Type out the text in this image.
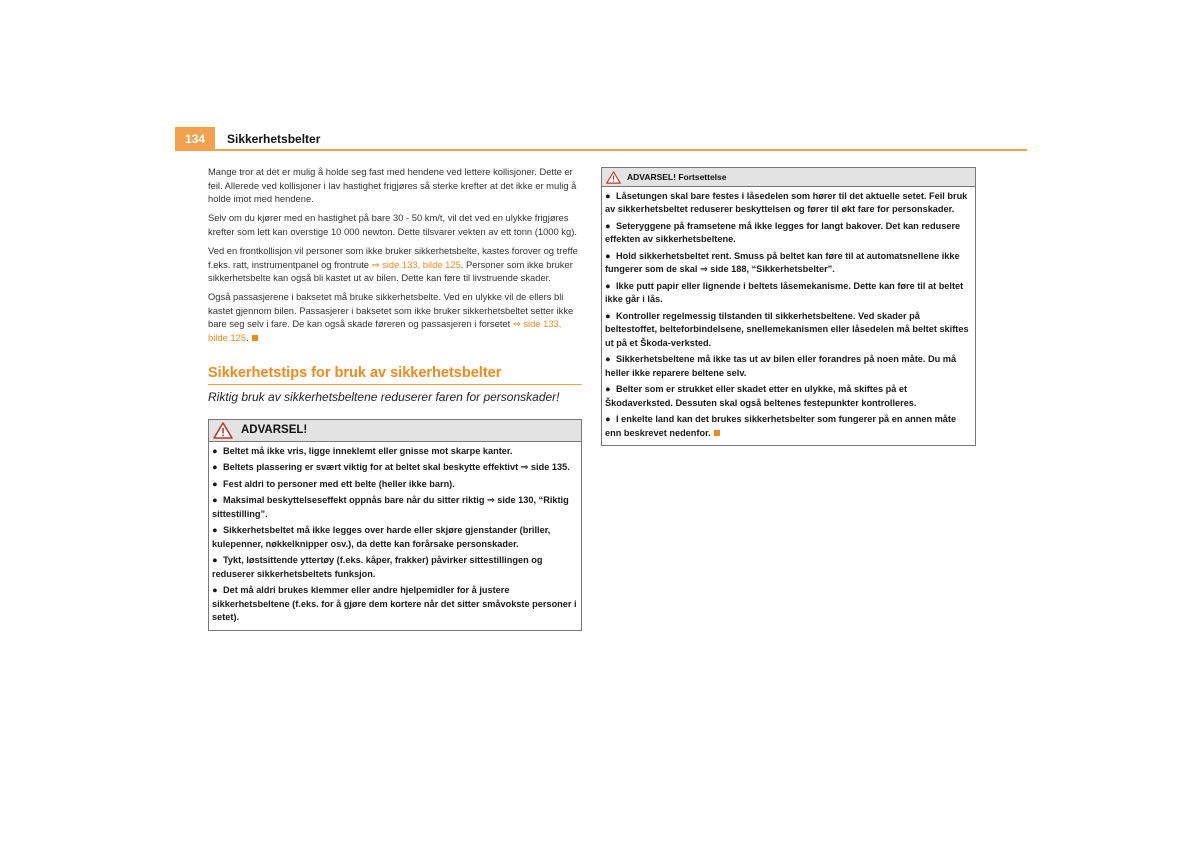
134	Sikkerhetsbelter

Mange tror at det er mulig å holde seg fast med hendene ved lettere kollisjoner. Dette er feil. Allerede ved kollisjoner i lav hastighet frigjøres så sterke krefter at det ikke er mulig å holde imot med hendene.

Selv om du kjører med en hastighet på bare 30 - 50 km/t, vil det ved en ulykke frigjøres krefter som lett kan overstige 10 000 newton. Dette tilsvarer vekten av ett tonn (1000 kg).

Ved en frontkollisjon vil personer som ikke bruker sikkerhetsbelte, kastes forover og treffe f.eks. ratt, instrumentpanel og frontrute ⇒ side 133, bilde 125. Personer som ikke bruker sikkerhetsbelte kan også bli kastet ut av bilen. Dette kan føre til livstruende skader.

Også passasjerene i baksetet må bruke sikkerhetsbelte. Ved en ulykke vil de ellers bli kastet gjennom bilen. Passasjerer i baksetet som ikke bruker sikkerhetsbeltet setter ikke bare seg selv i fare. De kan også skade føreren og passasjeren i forsetet ⇒ side 133, bilde 125.

Sikkerhetstips for bruk av sikkerhetsbelter
Riktig bruk av sikkerhetsbeltene reduserer faren for personskader!
ADVARSEL!
● Beltet må ikke vris, ligge inneklemt eller gnisse mot skarpe kanter.
● Beltets plassering er svært viktig for at beltet skal beskytte effektivt ⇒ side 135.
● Fest aldri to personer med ett belte (heller ikke barn).
● Maksimal beskyttelseseffekt oppnås bare når du sitter riktig ⇒ side 130, “Riktig sittestilling”.
● Sikkerhetsbeltet må ikke legges over harde eller skjøre gjenstander (briller, kulepenner, nøkkelknipper osv.), da dette kan forårsake personskader.
● Tykt, løstsittende yttertøy (f.eks. kåper, frakker) påvirker sittestillingen og reduserer sikkerhetsbeltets funksjon.
● Det må aldri brukes klemmer eller andre hjelpemidler for å justere sikkerhetsbeltene (f.eks. for å gjøre dem kortere når det sitter småvokste personer i setet).
ADVARSEL! Fortsettelse
● Låsetungen skal bare festes i låsedelen som hører til det aktuelle setet. Feil bruk av sikkerhetsbeltet reduserer beskyttelsen og fører til økt fare for personskader.
● Seteryggene på framsetene må ikke legges for langt bakover. Det kan redusere effekten av sikkerhetsbeltene.
● Hold sikkerhetsbeltet rent. Smuss på beltet kan føre til at automatsnellene ikke fungerer som de skal ⇒ side 188, “Sikkerhetsbelter”.
● Ikke putt papir eller lignende i beltets låsemekanisme. Dette kan føre til at beltet ikke går i lås.
● Kontroller regelmessig tilstanden til sikkerhetsbeltene. Ved skader på beltestoffet, belteforbindelsene, snellemekanismen eller låsedelen må beltet skiftes ut på et Škoda-verksted.
● Sikkerhetsbeltene må ikke tas ut av bilen eller forandres på noen måte. Du må heller ikke reparere beltene selv.
● Belter som er strukket eller skadet etter en ulykke, må skiftes på et Škodaverksted. Dessuten skal også beltenes festepunkter kontrolleres.
● I enkelte land kan det brukes sikkerhetsbelter som fungerer på en annen måte enn beskrevet nedenfor.
